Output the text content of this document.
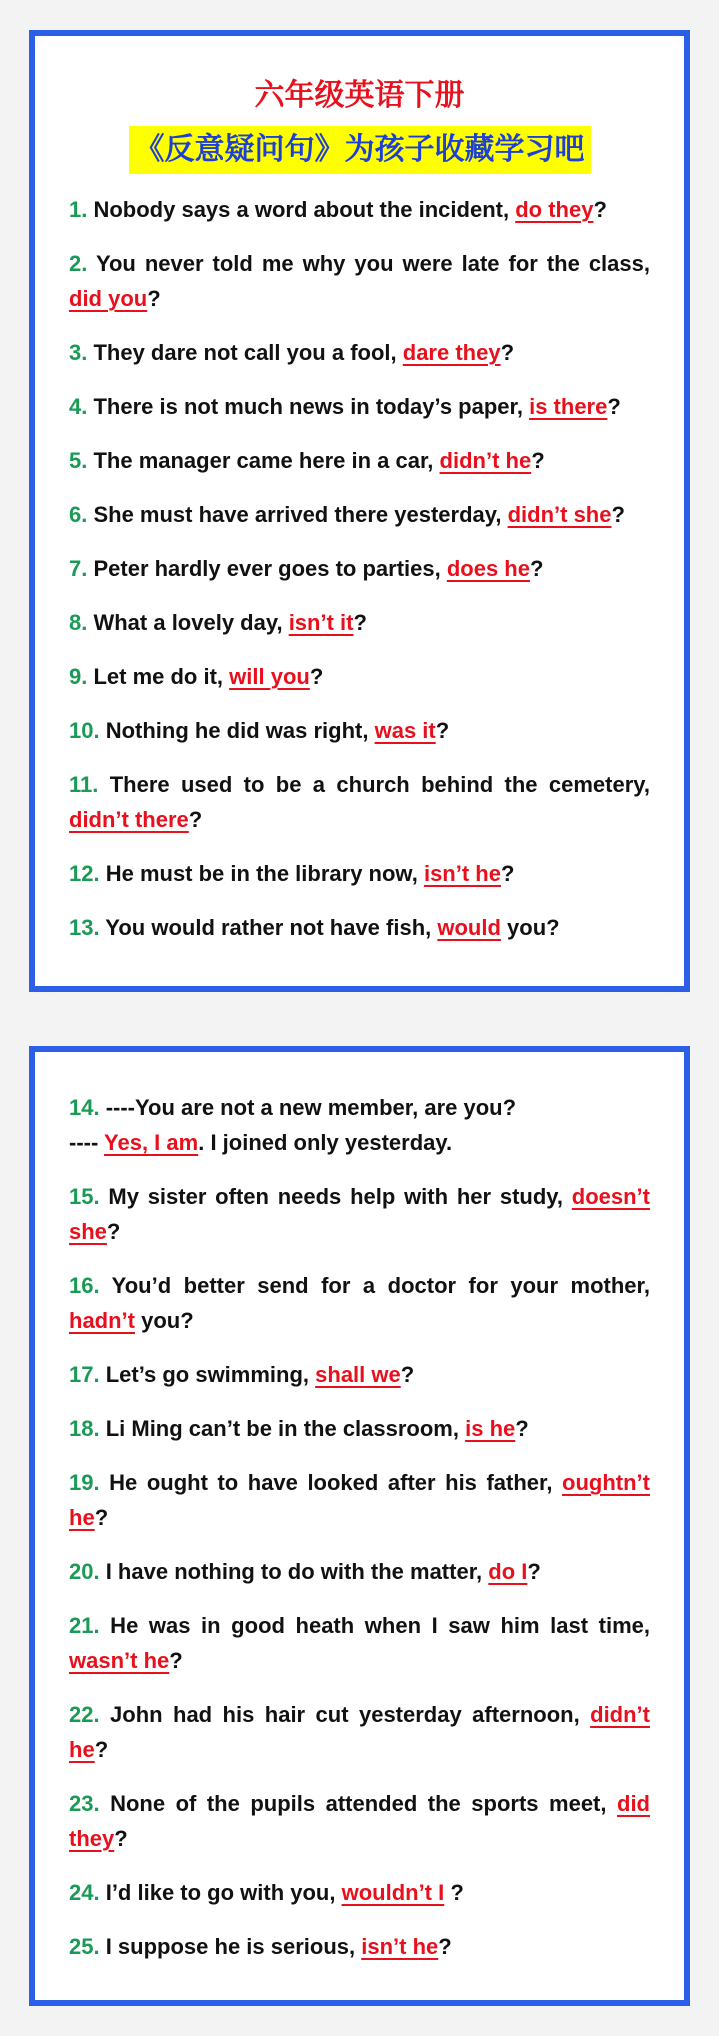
六年级英语下册
《反意疑问句》为孩子收藏学习吧
1. Nobody says a word about the incident, do they?
2. You never told me why you were late for the class, did you?
3. They dare not call you a fool, dare they?
4. There is not much news in today’s paper, is there?
5. The manager came here in a car, didn’t he?
6. She must have arrived there yesterday, didn’t she?
7. Peter hardly ever goes to parties, does he?
8. What a lovely day, isn’t it?
9. Let me do it, will you?
10. Nothing he did was right, was it?
11. There used to be a church behind the cemetery, didn’t there?
12. He must be in the library now, isn’t he?
13. You would rather not have fish, would you?
14. ----You are not a new member, are you?
---- Yes, I am. I joined only yesterday.
15. My sister often needs help with her study, doesn’t she?
16. You’d better send for a doctor for your mother, hadn’t you?
17. Let’s go swimming, shall we?
18. Li Ming can’t be in the classroom, is he?
19. He ought to have looked after his father, oughtn’t he?
20. I have nothing to do with the matter, do I?
21. He was in good heath when I saw him last time, wasn’t he?
22. John had his hair cut yesterday afternoon, didn’t he?
23. None of the pupils attended the sports meet, did they?
24. I’d like to go with you, wouldn’t I ?
25. I suppose he is serious, isn’t he?
